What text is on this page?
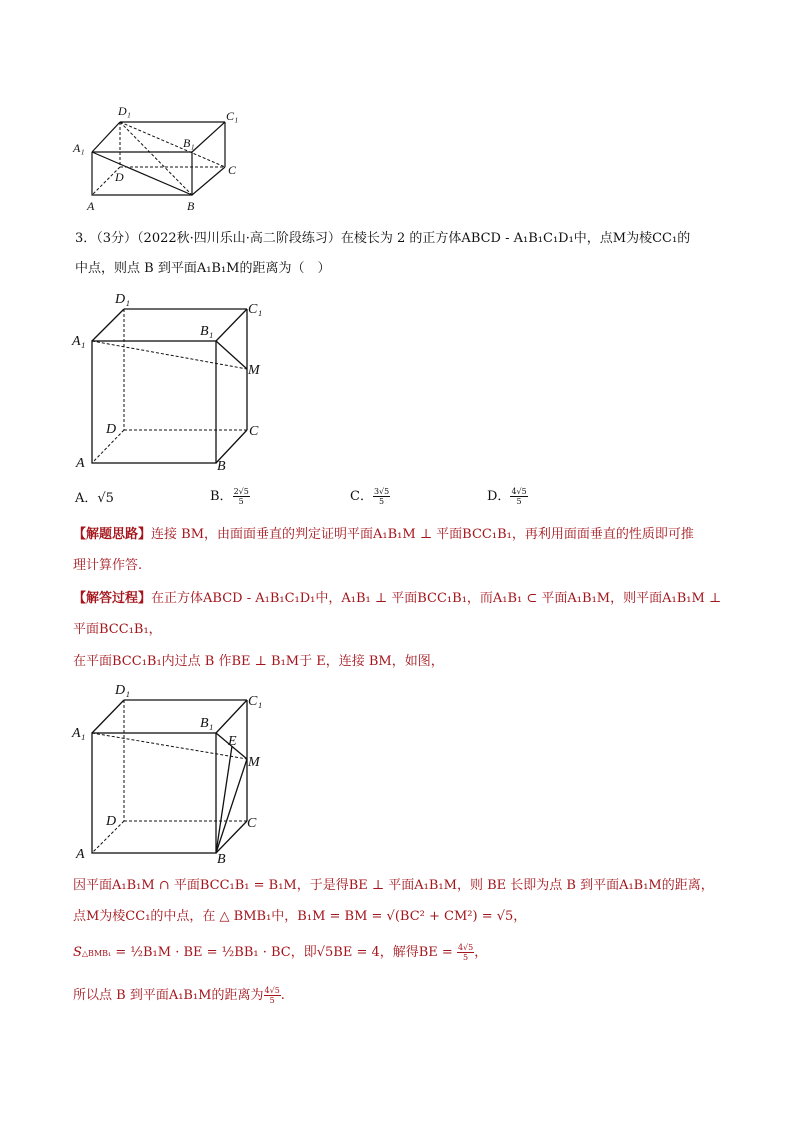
D₁	C₁
B₁
A₁
C
D
A	B
3．（3分）（2022秋·四川乐山·高二阶段练习）在棱长为 2 的正方体ABCD - A₁B₁C₁D₁中，点M为棱CC₁的
中点，则点 B 到平面A₁B₁M的距离为（　）
D₁
C₁
B₁
A₁
M
D	C
A	B
A．√5	B． $\frac{2√5}{5}$	C． $\frac{3√5}{5}$	D． $\frac{4√5}{5}$
【解题思路】连接 BM，由面面垂直的判定证明平面A₁B₁M ⊥ 平面BCC₁B₁，再利用面面垂直的性质即可推
理计算作答.
【解答过程】在正方体ABCD - A₁B₁C₁D₁中，A₁B₁ ⊥ 平面BCC₁B₁，而A₁B₁ ⊂ 平面A₁B₁M，则平面A₁B₁M ⊥
平面BCC₁B₁，
在平面BCC₁B₁内过点 B 作BE ⊥ B₁M于 E，连接 BM，如图，
D₁
C₁
B₁
A₁
E
M
D	C
A	B
因平面A₁B₁M ∩ 平面BCC₁B₁ = B₁M，于是得BE ⊥ 平面A₁B₁M，则 BE 长即为点 B 到平面A₁B₁M的距离，
点M为棱CC₁的中点，在 △ BMB₁中，B₁M = BM = √(BC² + CM²) = √5，
S△BMB₁ = ½B₁M · BE = ½BB₁ · BC，即√5BE = 4，解得BE = $\frac{4√5}{5}$ ，
所以点 B 到平面A₁B₁M的距离为 $\frac{4√5}{5}$ .
